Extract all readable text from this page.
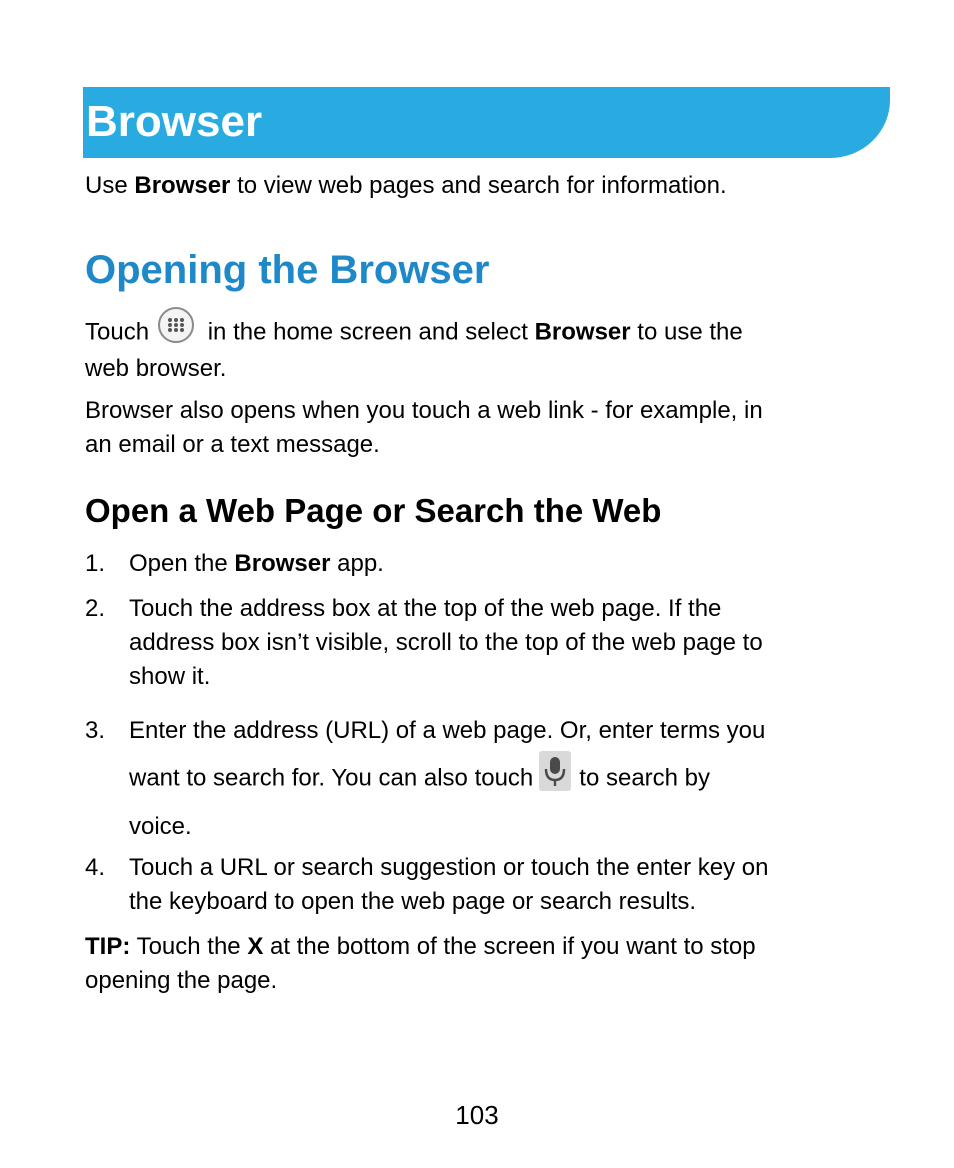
Browser
Use Browser to view web pages and search for information.
Opening the Browser
Touch in the home screen and select Browser to use the
web browser.
Browser also opens when you touch a web link - for example, in
an email or a text message.
Open a Web Page or Search the Web
1. Open the Browser app.
2. Touch the address box at the top of the web page. If the
address box isn’t visible, scroll to the top of the web page to
show it.
3. Enter the address (URL) of a web page. Or, enter terms you
want to search for. You can also touch to search by
voice.
4. Touch a URL or search suggestion or touch the enter key on
the keyboard to open the web page or search results.
TIP: Touch the X at the bottom of the screen if you want to stop
opening the page.
103
